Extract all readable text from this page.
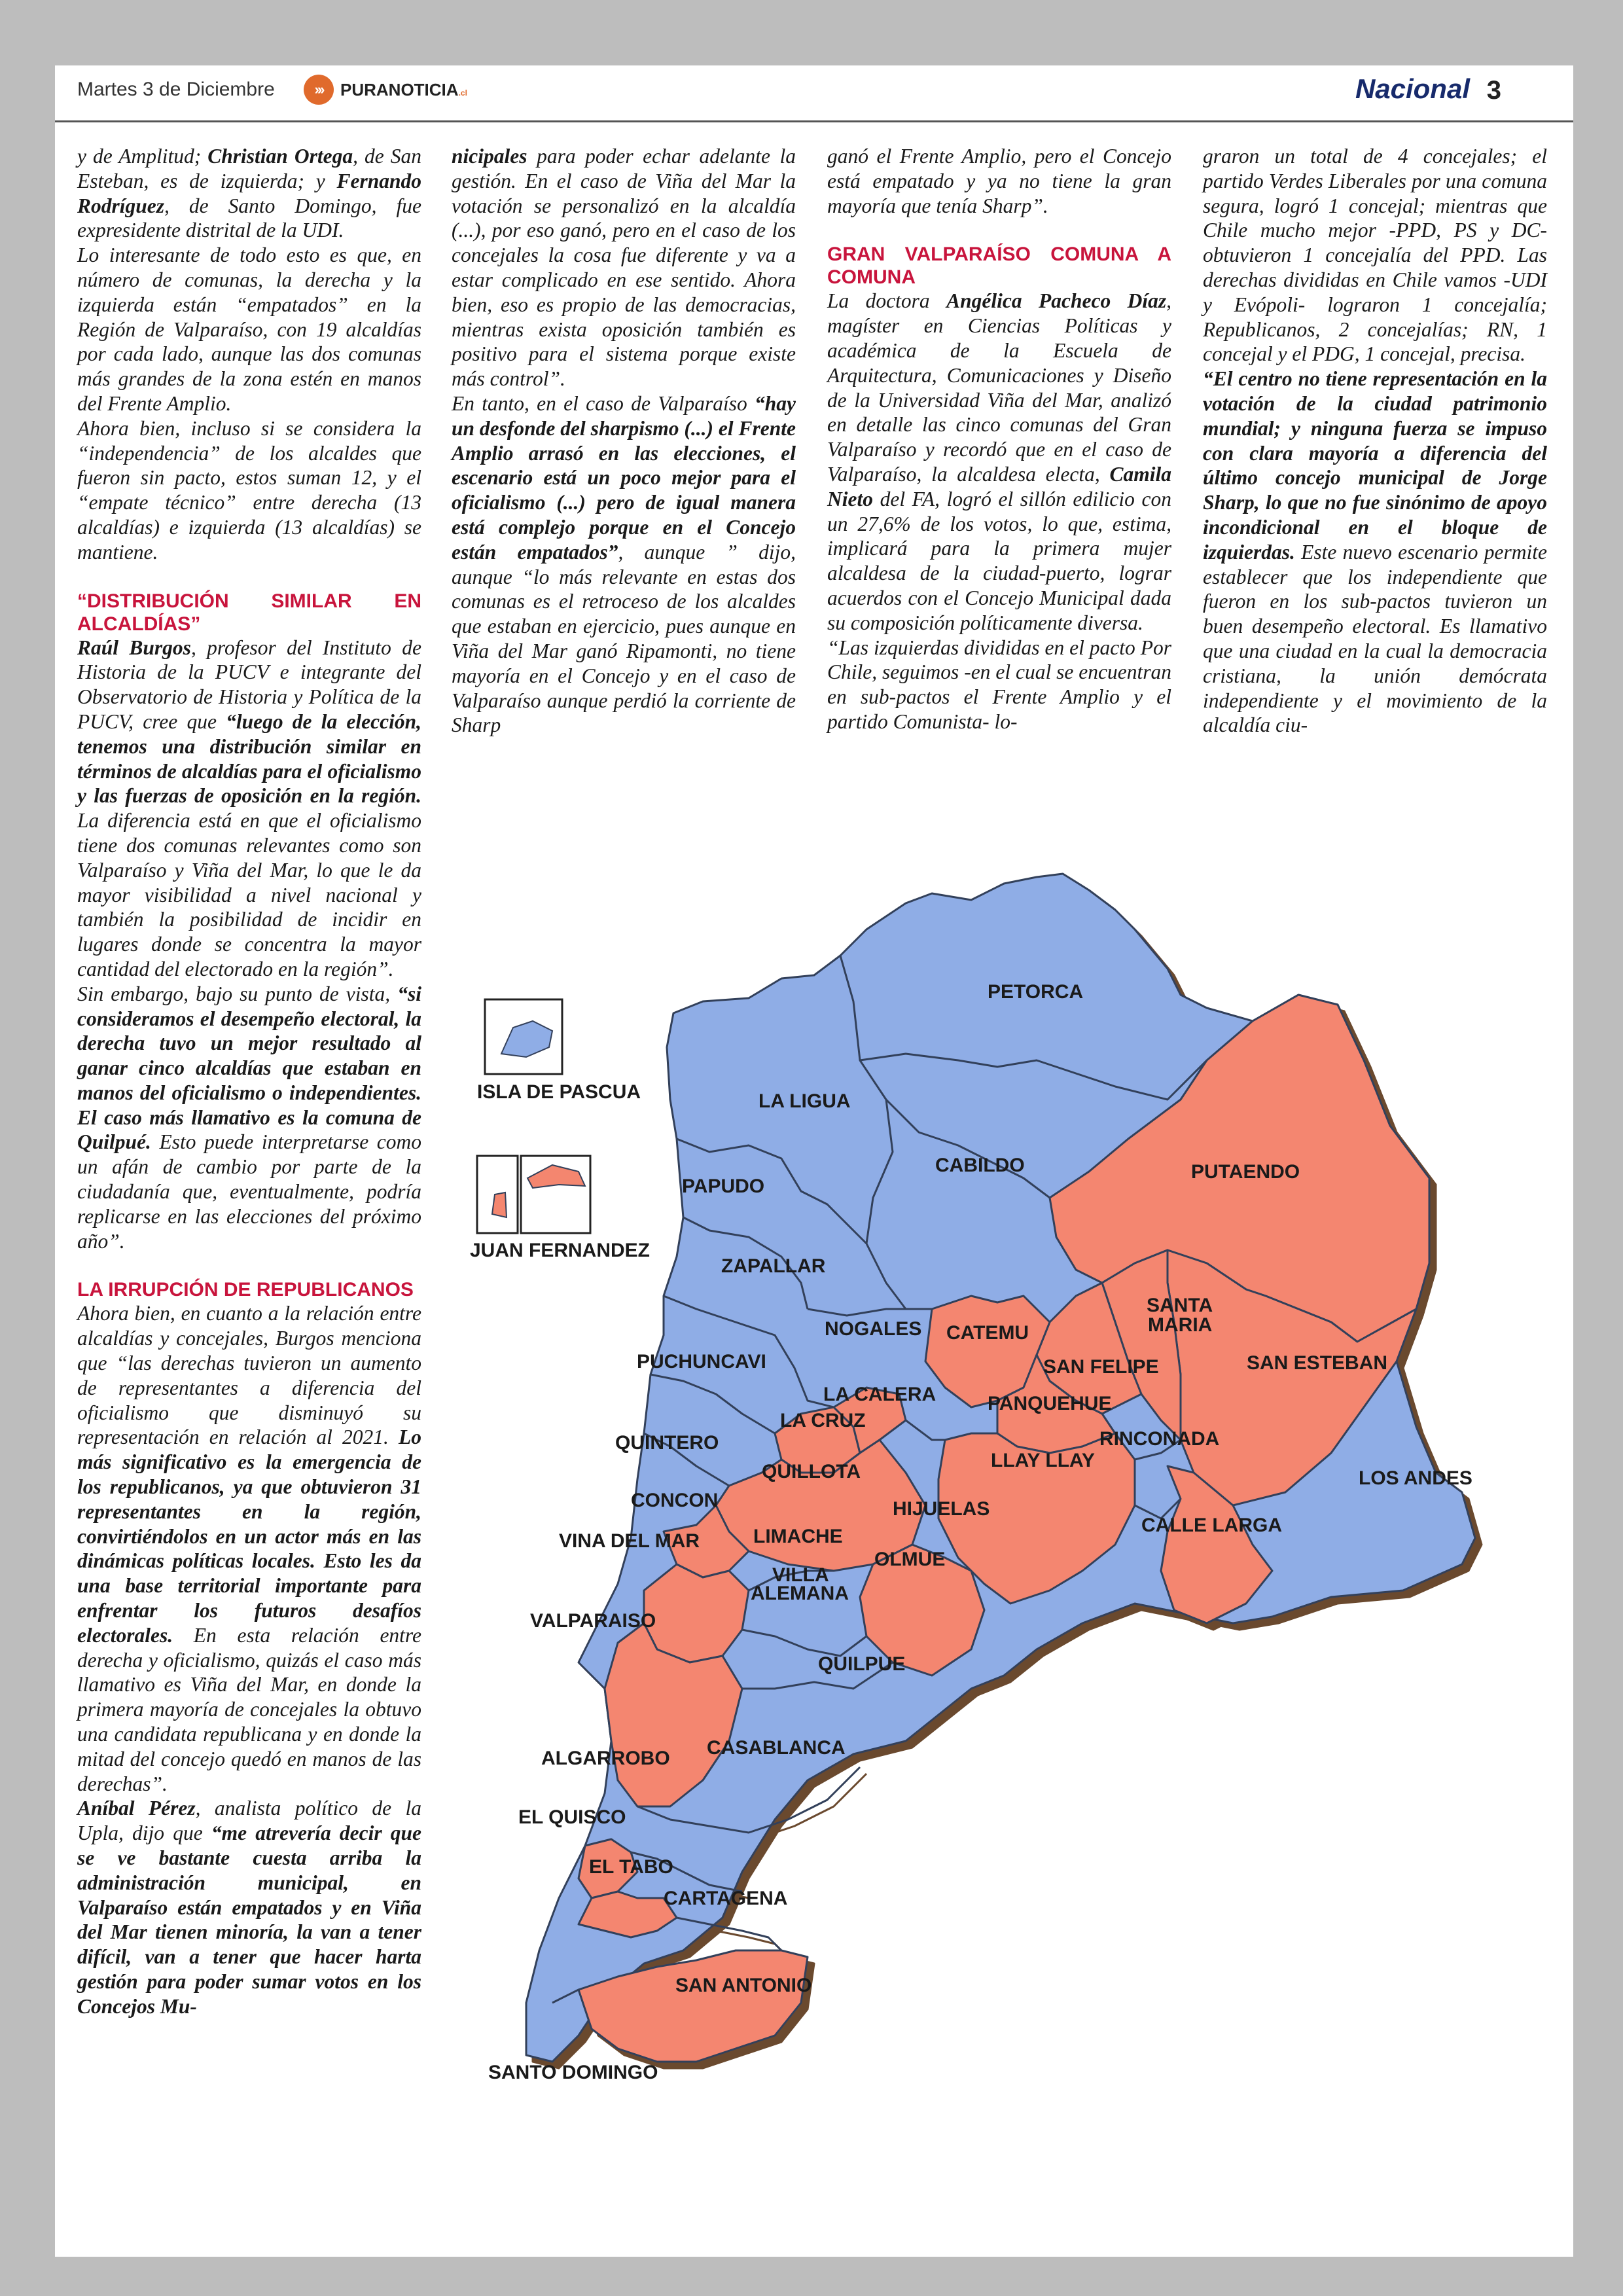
Martes 3 de Diciembre	›››	PURANOTICIA.cl	Nacional 3

y de Amplitud; Christian Ortega, de San Esteban, es de izquierda; y Fernando Rodríguez, de Santo Domingo, fue expresidente distrital de la UDI.

Lo interesante de todo esto es que, en número de comunas, la derecha y la izquierda están “empatados” en la Región de Valparaíso, con 19 alcaldías por cada lado, aunque las dos comunas más grandes de la zona estén en manos del Frente Amplio.

Ahora bien, incluso si se considera la “independencia” de los alcaldes que fueron sin pacto, estos suman 12, y el “empate técnico” entre derecha (13 alcaldías) e izquierda (13 alcaldías) se mantiene.

“DISTRIBUCIÓN SIMILAR EN ALCALDÍAS”

Raúl Burgos, profesor del Instituto de Historia de la PUCV e integrante del Observatorio de Historia y Política de la PUCV, cree que “luego de la elección, tenemos una distribución similar en términos de alcaldías para el oficialismo y las fuerzas de oposición en la región. La diferencia está en que el oficialismo tiene dos comunas relevantes como son Valparaíso y Viña del Mar, lo que le da mayor visibilidad a nivel nacional y también la posibilidad de incidir en lugares donde se concentra la mayor cantidad del electorado en la región”.

Sin embargo, bajo su punto de vista, “si consideramos el desempeño electoral, la derecha tuvo un mejor resultado al ganar cinco alcaldías que estaban en manos del oficialismo o independientes. El caso más llamativo es la comuna de Quilpué. Esto puede interpretarse como un afán de cambio por parte de la ciudadanía que, eventualmente, podría replicarse en las elecciones del próximo año”.

LA IRRUPCIÓN DE REPUBLICANOS

Ahora bien, en cuanto a la relación entre alcaldías y concejales, Burgos menciona que “las derechas tuvieron un aumento de representantes a diferencia del oficialismo que disminuyó su representación en relación al 2021. Lo más significativo es la emergencia de los republicanos, ya que obtuvieron 31 representantes en la región, convirtiéndolos en un actor más en las dinámicas políticas locales. Esto les da una base territorial importante para enfrentar los futuros desafíos electorales. En esta relación entre derecha y oficialismo, quizás el caso más llamativo es Viña del Mar, en donde la primera mayoría de concejales la obtuvo una candidata republicana y en donde la mitad del concejo quedó en manos de las derechas”.

Aníbal Pérez, analista político de la Upla, dijo que “me atrevería decir que se ve bastante cuesta arriba la administración municipal, en Valparaíso están empatados y en Viña del Mar tienen minoría, la van a tener difícil, van a tener que hacer harta gestión para poder sumar votos en los Concejos Mu-

nicipales para poder echar adelante la gestión. En el caso de Viña del Mar la votación se personalizó en la alcaldía (...), por eso ganó, pero en el caso de los concejales la cosa fue diferente y va a estar complicado en ese sentido. Ahora bien, eso es propio de las democracias, mientras exista oposición también es positivo para el sistema porque existe más control”.

En tanto, en el caso de Valparaíso “hay un desfonde del sharpismo (...) el Frente Amplio arrasó en las elecciones, el escenario está un poco mejor para el oficialismo (...) pero de igual manera está complejo porque en el Concejo están empatados”, aunque ” dijo, aunque “lo más relevante en estas dos comunas es el retroceso de los alcaldes que estaban en ejercicio, pues aunque en Viña del Mar ganó Ripamonti, no tiene mayoría en el Concejo y en el caso de Valparaíso aunque perdió la corriente de Sharp

ganó el Frente Amplio, pero el Concejo está empatado y ya no tiene la gran mayoría que tenía Sharp”.

GRAN VALPARAÍSO COMUNA A COMUNA

La doctora Angélica Pacheco Díaz, magíster en Ciencias Políticas y académica de la Escuela de Arquitectura, Comunicaciones y Diseño de la Universidad Viña del Mar, analizó en detalle las cinco comunas del Gran Valparaíso y recordó que en el caso de Valparaíso, la alcaldesa electa, Camila Nieto del FA, logró el sillón edilicio con un 27,6% de los votos, lo que, estima, implicará para la primera mujer alcaldesa de la ciudad-puerto, lograr acuerdos con el Concejo Municipal dada su composición políticamente diversa.

“Las izquierdas divididas en el pacto Por Chile, seguimos -en el cual se encuentran en sub-pactos el Frente Amplio y el partido Comunista- lo-

graron un total de 4 concejales; el partido Verdes Liberales por una comuna segura, logró 1 concejal; mientras que Chile mucho mejor -PPD, PS y DC- obtuvieron 1 concejalía del PPD. Las derechas divididas en Chile vamos -UDI y Evópoli- lograron 1 concejalía; Republicanos, 2 concejalías; RN, 1 concejal y el PDG, 1 concejal, precisa.

“El centro no tiene representación en la votación de la ciudad patrimonio mundial; y ninguna fuerza se impuso con clara mayoría a diferencia del último concejo municipal de Jorge Sharp, lo que no fue sinónimo de apoyo incondicional en el bloque de izquierdas. Este nuevo escenario permite establecer que los independiente que fueron en los sub-pactos tuvieron un buen desempeño electoral. Es llamativo que una ciudad en la cual la democracia cristiana, la unión demócrata independiente y el movimiento de la alcaldía ciu-

ISLA DE PASCUA
JUAN FERNANDEZ
PETORCA
LA LIGUA
CABILDO	PUTAENDO
PAPUDO
ZAPALLAR
NOGALES CATEMU
SANTA
MARIA
SAN ESTEBAN
SAN FELIPE
PUCHUNCAVI
LA CALERA	PANQUEHUE
LA CRUZ
QUINTERO	RINCONADA
LLAY LLAY
LOS ANDES
QUILLOTA
CONCON	HIJUELAS
CALLE LARGA
LIMACHE
VINA DEL MAR
OLMUE
VILLA
ALEMANA
VALPARAISO
QUILPUE
ALGARROBO CASABLANCA
EL QUISCO
EL TABO
CARTAGENA
SAN ANTONIO
SANTO DOMINGO
